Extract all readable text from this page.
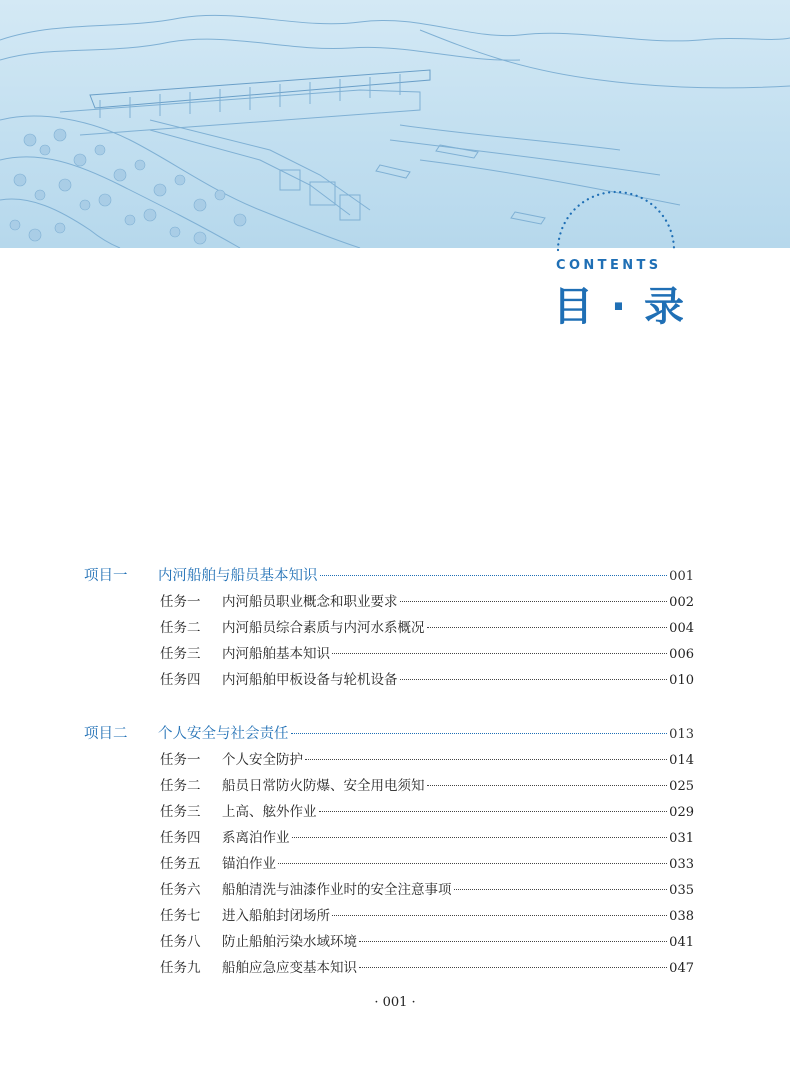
CONTENTS
目 · 录
项目一	内河船舶与船员基本知识	001
任务一	内河船员职业概念和职业要求	002
任务二	内河船员综合素质与内河水系概况	004
任务三	内河船舶基本知识	006
任务四	内河船舶甲板设备与轮机设备	010
项目二	个人安全与社会责任	013
任务一	个人安全防护	014
任务二	船员日常防火防爆、安全用电须知	025
任务三	上高、舷外作业	029
任务四	系离泊作业	031
任务五	锚泊作业	033
任务六	船舶清洗与油漆作业时的安全注意事项	035
任务七	进入船舶封闭场所	038
任务八	防止船舶污染水域环境	041
任务九	船舶应急应变基本知识	047
· 001 ·
